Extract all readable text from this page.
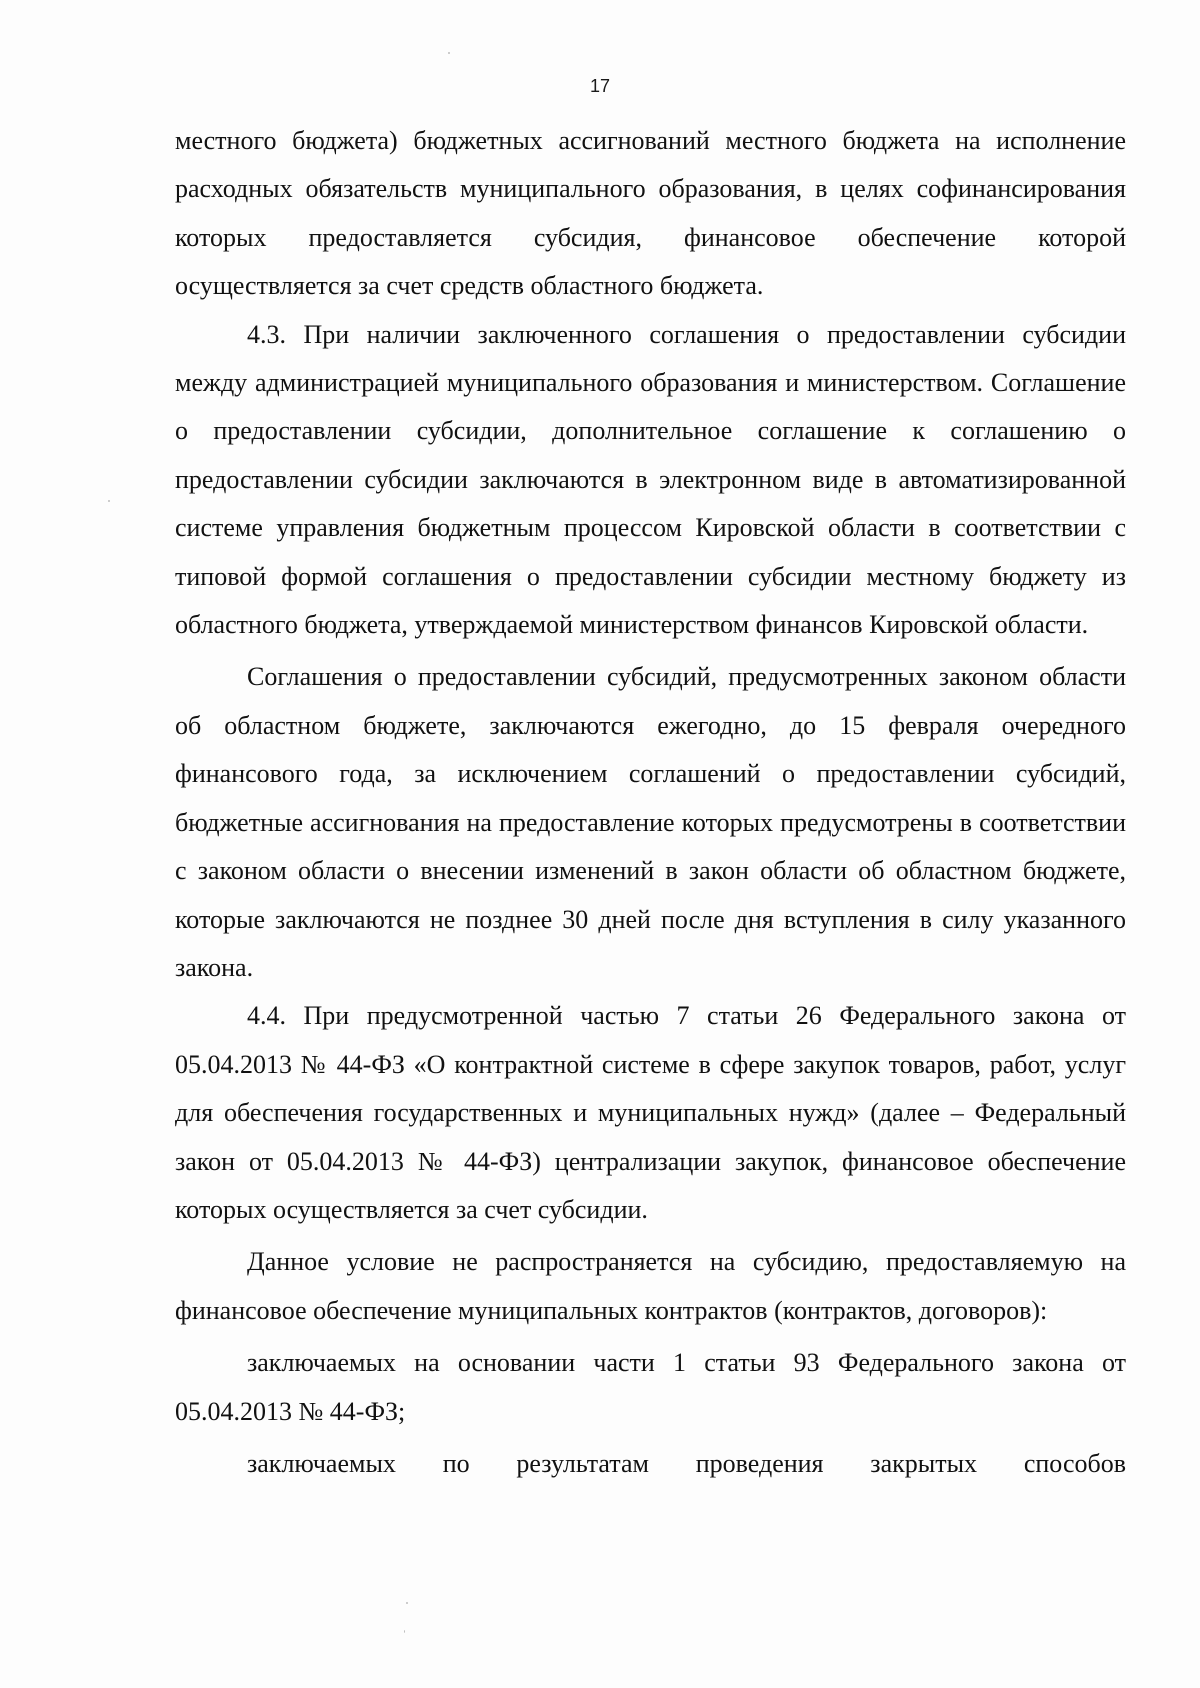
17

местного бюджета) бюджетных ассигнований местного бюджета на исполнение расходных обязательств муниципального образования, в целях софинансирования которых предоставляется субсидия, финансовое обеспечение которой осуществляется за счет средств областного бюджета.

4.3. При наличии заключенного соглашения о предоставлении субсидии между администрацией муниципального образования и министерством. Соглашение о предоставлении субсидии, дополнительное соглашение к соглашению о предоставлении субсидии заключаются в электронном виде в автоматизированной системе управления бюджетным процессом Кировской области в соответствии с типовой формой соглашения о предоставлении субсидии местному бюджету из областного бюджета, утверждаемой министерством финансов Кировской области.

Соглашения о предоставлении субсидий, предусмотренных законом области об областном бюджете, заключаются ежегодно, до 15 февраля очередного финансового года, за исключением соглашений о предоставлении субсидий, бюджетные ассигнования на предоставление которых предусмотрены в соответствии с законом области о внесении изменений в закон области об областном бюджете, которые заключаются не позднее 30 дней после дня вступления в силу указанного закона.

4.4. При предусмотренной частью 7 статьи 26 Федерального закона от 05.04.2013 № 44-ФЗ «О контрактной системе в сфере закупок товаров, работ, услуг для обеспечения государственных и муниципальных нужд» (далее – Федеральный закон от 05.04.2013 № 44-ФЗ) централизации закупок, финансовое обеспечение которых осуществляется за счет субсидии.

Данное условие не распространяется на субсидию, предоставляемую на финансовое обеспечение муниципальных контрактов (контрактов, договоров):

заключаемых на основании части 1 статьи 93 Федерального закона от 05.04.2013 № 44-ФЗ;

заключаемых по результатам проведения закрытых способов
